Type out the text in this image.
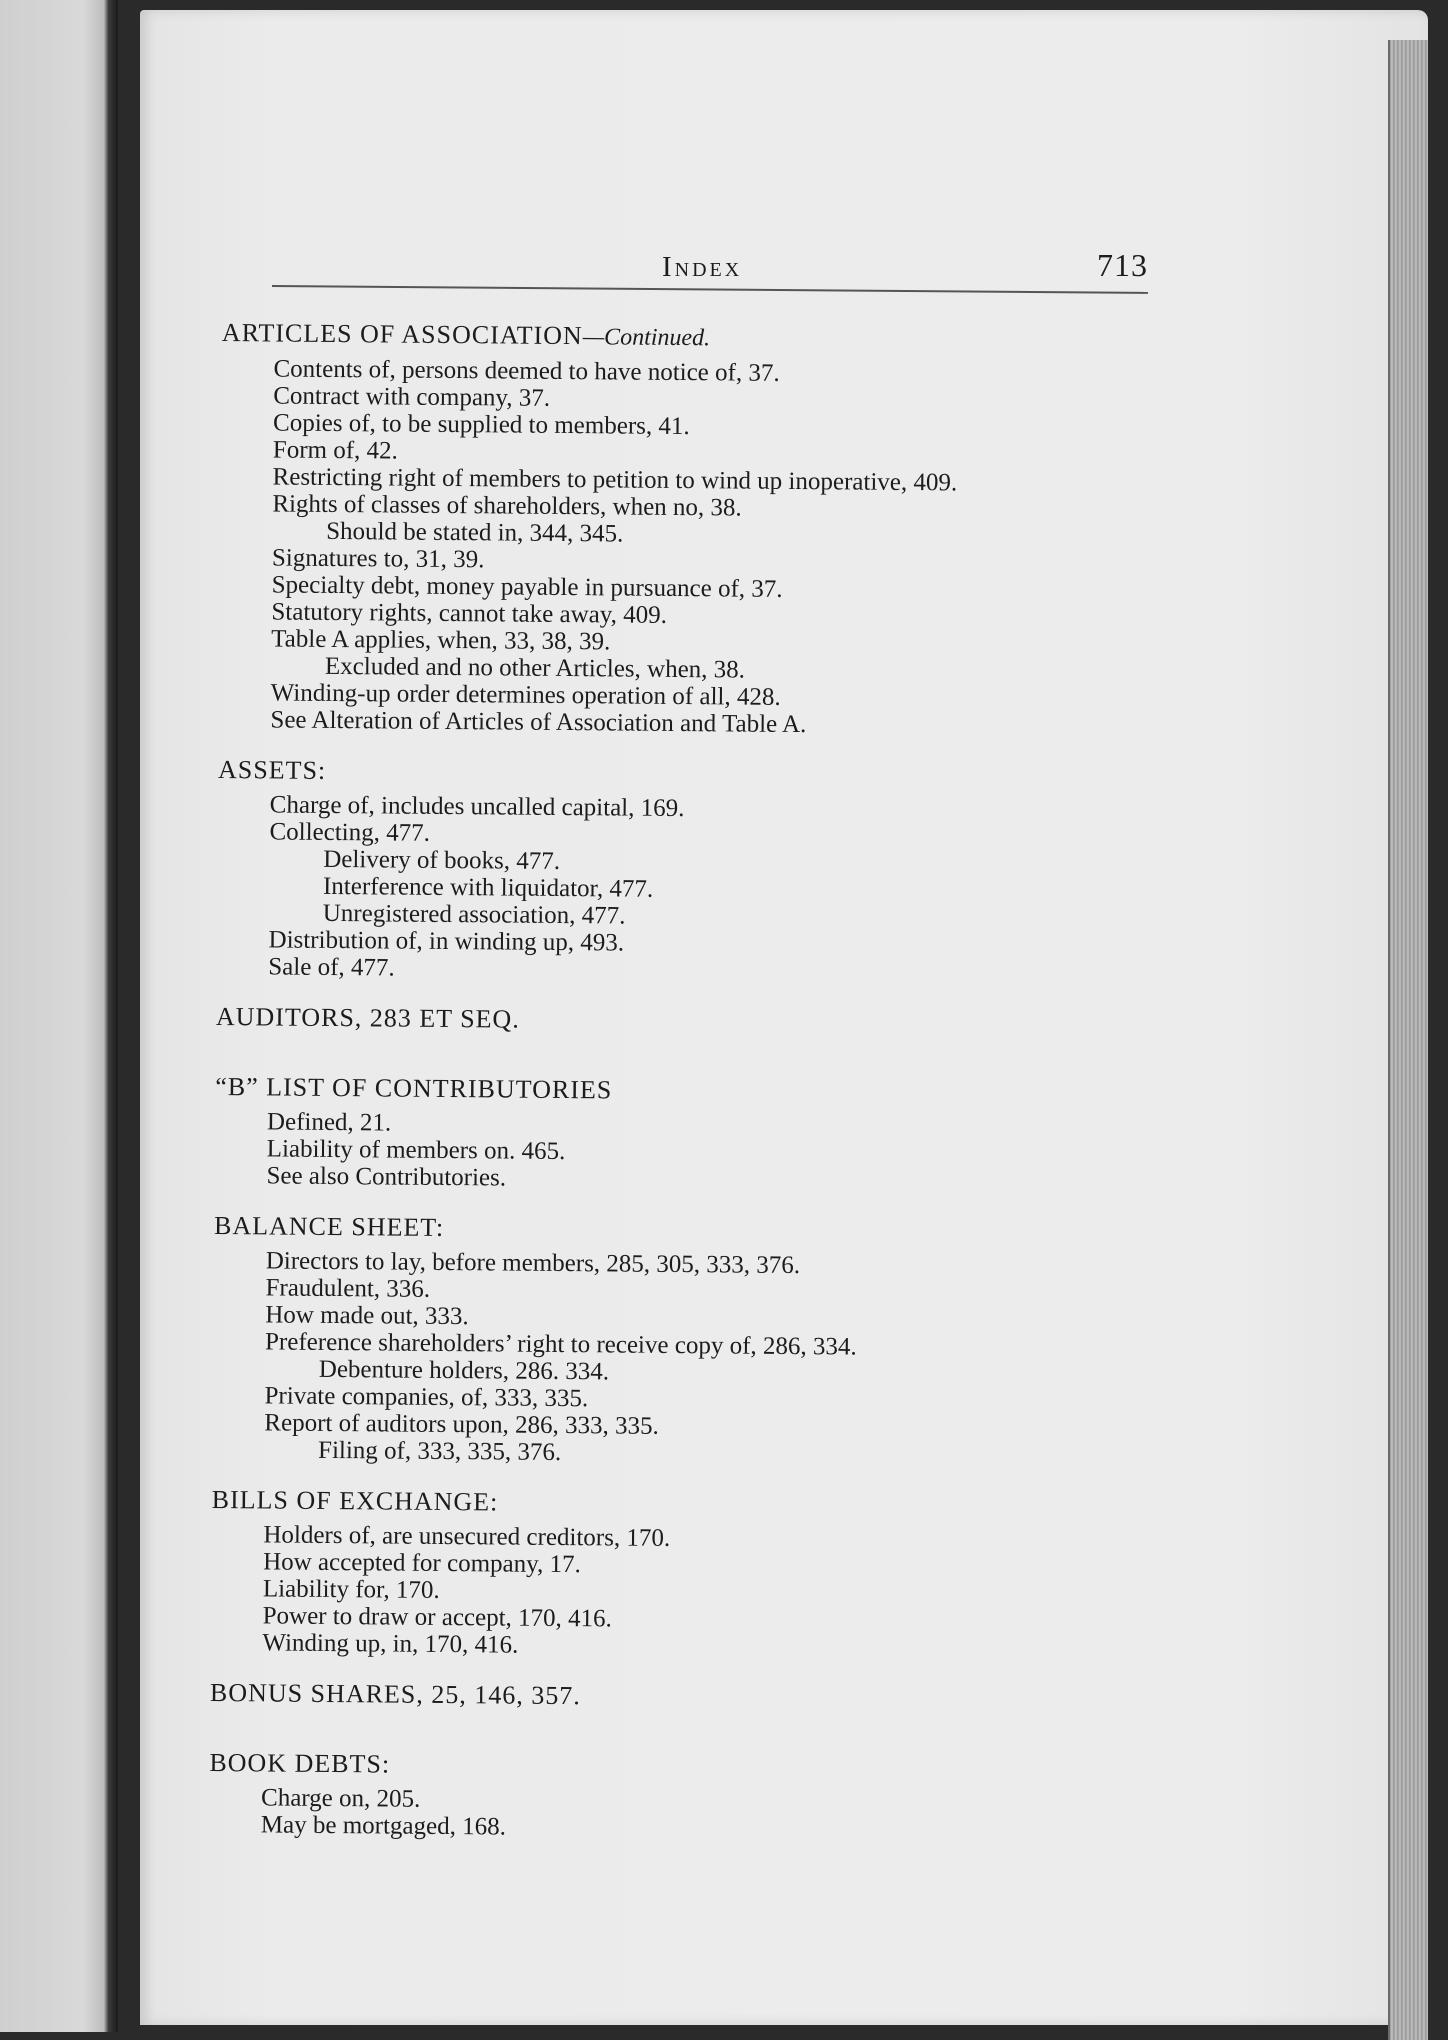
Index	713
ARTICLES OF ASSOCIATION—Continued.
Contents of, persons deemed to have notice of, 37.
Contract with company, 37.
Copies of, to be supplied to members, 41.
Form of, 42.
Restricting right of members to petition to wind up inoperative, 409.
Rights of classes of shareholders, when no, 38.
Should be stated in, 344, 345.
Signatures to, 31, 39.
Specialty debt, money payable in pursuance of, 37.
Statutory rights, cannot take away, 409.
Table A applies, when, 33, 38, 39.
Excluded and no other Articles, when, 38.
Winding-up order determines operation of all, 428.
See Alteration of Articles of Association and Table A.
ASSETS:
Charge of, includes uncalled capital, 169.
Collecting, 477.
Delivery of books, 477.
Interference with liquidator, 477.
Unregistered association, 477.
Distribution of, in winding up, 493.
Sale of, 477.
AUDITORS, 283 ET SEQ.
“B” LIST OF CONTRIBUTORIES
Defined, 21.
Liability of members on. 465.
See also Contributories.
BALANCE SHEET:
Directors to lay, before members, 285, 305, 333, 376.
Fraudulent, 336.
How made out, 333.
Preference shareholders’ right to receive copy of, 286, 334.
Debenture holders, 286. 334.
Private companies, of, 333, 335.
Report of auditors upon, 286, 333, 335.
Filing of, 333, 335, 376.
BILLS OF EXCHANGE:
Holders of, are unsecured creditors, 170.
How accepted for company, 17.
Liability for, 170.
Power to draw or accept, 170, 416.
Winding up, in, 170, 416.
BONUS SHARES, 25, 146, 357.
BOOK DEBTS:
Charge on, 205.
May be mortgaged, 168.
